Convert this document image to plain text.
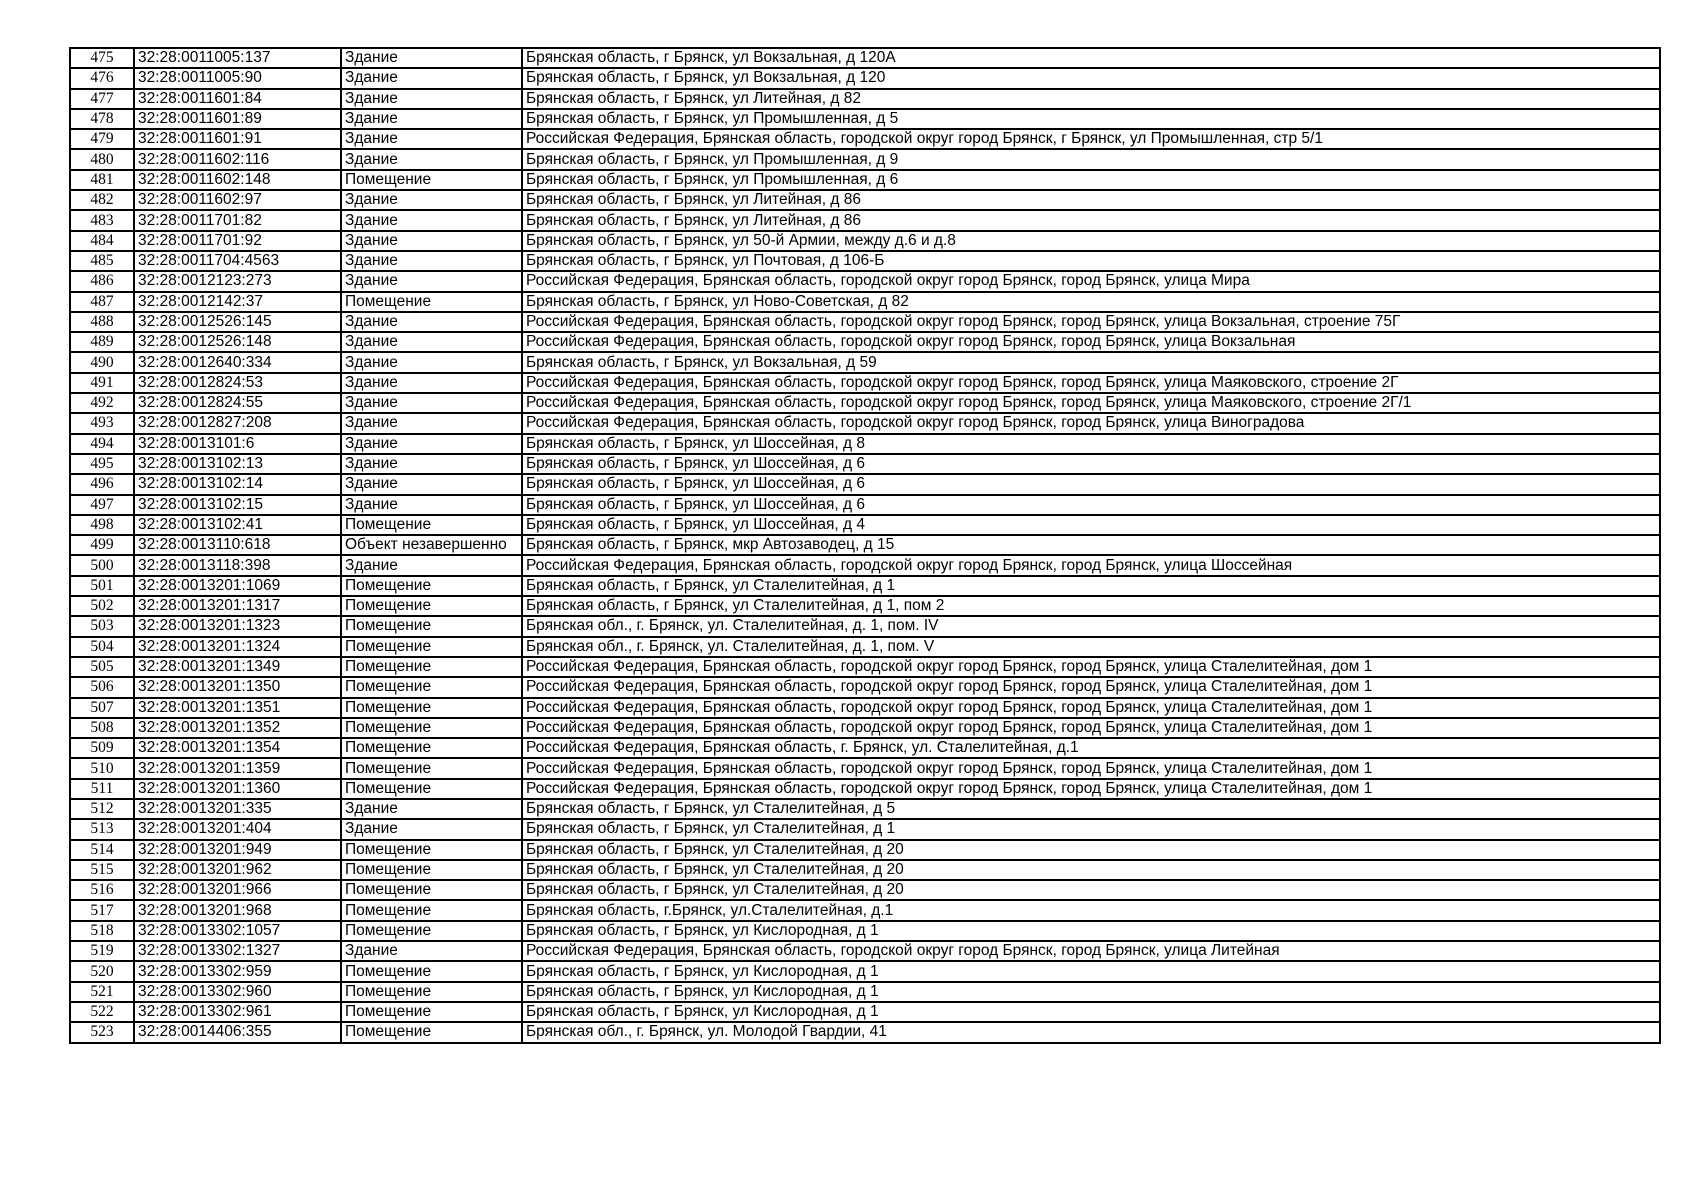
475	32:28:0011005:137	Здание	Брянская область, г Брянск, ул Вокзальная, д 120А
476	32:28:0011005:90	Здание	Брянская область, г Брянск, ул Вокзальная, д 120
477	32:28:0011601:84	Здание	Брянская область, г Брянск, ул Литейная, д 82
478	32:28:0011601:89	Здание	Брянская область, г Брянск, ул Промышленная, д 5
479	32:28:0011601:91	Здание	Российская Федерация, Брянская область, городской округ город Брянск, г Брянск, ул Промышленная, стр 5/1
480	32:28:0011602:116	Здание	Брянская область, г Брянск, ул Промышленная, д 9
481	32:28:0011602:148	Помещение	Брянская область, г Брянск, ул Промышленная, д 6
482	32:28:0011602:97	Здание	Брянская область, г Брянск, ул Литейная, д 86
483	32:28:0011701:82	Здание	Брянская область, г Брянск, ул Литейная, д 86
484	32:28:0011701:92	Здание	Брянская область, г Брянск, ул 50-й Армии, между д.6 и д.8
485	32:28:0011704:4563	Здание	Брянская область, г Брянск, ул Почтовая, д 106-Б
486	32:28:0012123:273	Здание	Российская Федерация, Брянская область, городской округ город Брянск, город Брянск, улица Мира
487	32:28:0012142:37	Помещение	Брянская область, г Брянск, ул Ново-Советская, д 82
488	32:28:0012526:145	Здание	Российская Федерация, Брянская область, городской округ город Брянск, город Брянск, улица Вокзальная, строение 75Г
489	32:28:0012526:148	Здание	Российская Федерация, Брянская область, городской округ город Брянск, город Брянск, улица Вокзальная
490	32:28:0012640:334	Здание	Брянская область, г Брянск, ул Вокзальная, д 59
491	32:28:0012824:53	Здание	Российская Федерация, Брянская область, городской округ город Брянск, город Брянск, улица Маяковского, строение 2Г
492	32:28:0012824:55	Здание	Российская Федерация, Брянская область, городской округ город Брянск, город Брянск, улица Маяковского, строение 2Г/1
493	32:28:0012827:208	Здание	Российская Федерация, Брянская область, городской округ город Брянск, город Брянск, улица Виноградова
494	32:28:0013101:6	Здание	Брянская область, г Брянск, ул Шоссейная, д 8
495	32:28:0013102:13	Здание	Брянская область, г Брянск, ул Шоссейная, д 6
496	32:28:0013102:14	Здание	Брянская область, г Брянск, ул Шоссейная, д 6
497	32:28:0013102:15	Здание	Брянская область, г Брянск, ул Шоссейная, д 6
498	32:28:0013102:41	Помещение	Брянская область, г Брянск, ул Шоссейная, д 4
499	32:28:0013110:618	Объект незавершенно	Брянская область, г Брянск, мкр Автозаводец, д 15
500	32:28:0013118:398	Здание	Российская Федерация, Брянская область, городской округ город Брянск, город Брянск, улица Шоссейная
501	32:28:0013201:1069	Помещение	Брянская область, г Брянск, ул Сталелитейная, д 1
502	32:28:0013201:1317	Помещение	Брянская область, г Брянск, ул Сталелитейная, д 1, пом 2
503	32:28:0013201:1323	Помещение	Брянская обл., г. Брянск, ул. Сталелитейная, д. 1, пом. IV
504	32:28:0013201:1324	Помещение	Брянская обл., г. Брянск, ул. Сталелитейная, д. 1, пом. V
505	32:28:0013201:1349	Помещение	Российская Федерация, Брянская область, городской округ город Брянск, город Брянск, улица Сталелитейная, дом 1
506	32:28:0013201:1350	Помещение	Российская Федерация, Брянская область, городской округ город Брянск, город Брянск, улица Сталелитейная, дом 1
507	32:28:0013201:1351	Помещение	Российская Федерация, Брянская область, городской округ город Брянск, город Брянск, улица Сталелитейная, дом 1
508	32:28:0013201:1352	Помещение	Российская Федерация, Брянская область, городской округ город Брянск, город Брянск, улица Сталелитейная, дом 1
509	32:28:0013201:1354	Помещение	Российская Федерация, Брянская область, г. Брянск, ул. Сталелитейная, д.1
510	32:28:0013201:1359	Помещение	Российская Федерация, Брянская область, городской округ город Брянск, город Брянск, улица Сталелитейная, дом 1
511	32:28:0013201:1360	Помещение	Российская Федерация, Брянская область, городской округ город Брянск, город Брянск, улица Сталелитейная, дом 1
512	32:28:0013201:335	Здание	Брянская область, г Брянск, ул Сталелитейная, д 5
513	32:28:0013201:404	Здание	Брянская область, г Брянск, ул Сталелитейная, д 1
514	32:28:0013201:949	Помещение	Брянская область, г Брянск, ул Сталелитейная, д 20
515	32:28:0013201:962	Помещение	Брянская область, г Брянск, ул Сталелитейная, д 20
516	32:28:0013201:966	Помещение	Брянская область, г Брянск, ул Сталелитейная, д 20
517	32:28:0013201:968	Помещение	Брянская область, г.Брянск, ул.Сталелитейная, д.1
518	32:28:0013302:1057	Помещение	Брянская область, г Брянск, ул Кислородная, д 1
519	32:28:0013302:1327	Здание	Российская Федерация, Брянская область, городской округ город Брянск, город Брянск, улица Литейная
520	32:28:0013302:959	Помещение	Брянская область, г Брянск, ул Кислородная, д 1
521	32:28:0013302:960	Помещение	Брянская область, г Брянск, ул Кислородная, д 1
522	32:28:0013302:961	Помещение	Брянская область, г Брянск, ул Кислородная, д 1
523	32:28:0014406:355	Помещение	Брянская обл., г. Брянск, ул. Молодой Гвардии, 41
